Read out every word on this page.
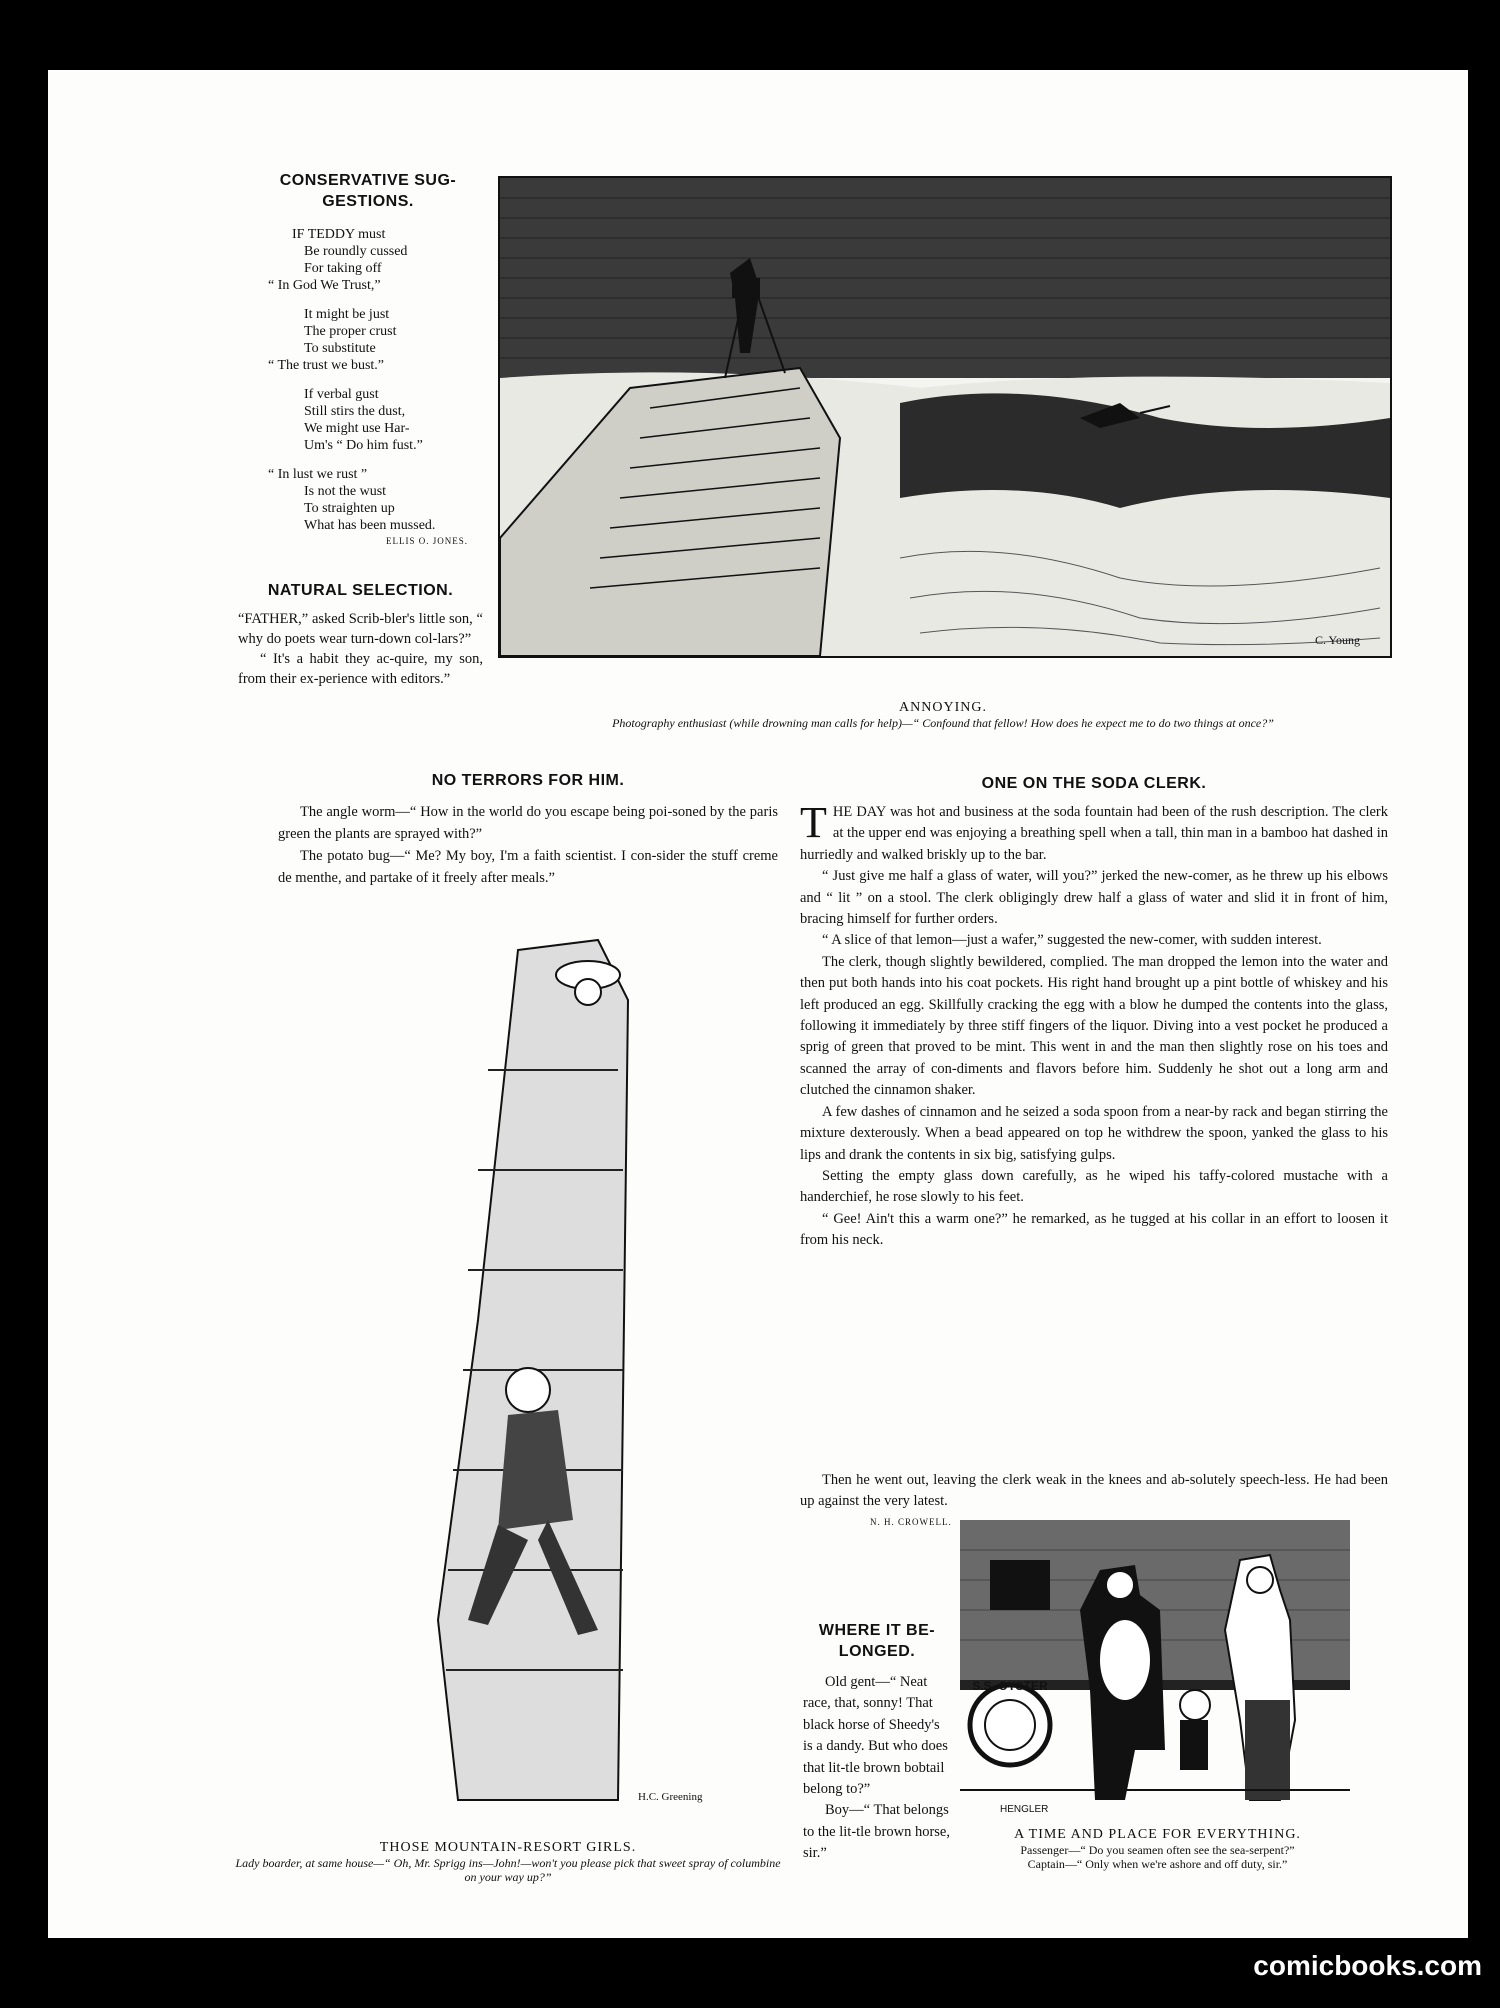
CONSERVATIVE SUG-GESTIONS.

IF TEDDY must
Be roundly cussed
For taking off
“ In God We Trust,”

It might be just
The proper crust
To substitute
“ The trust we bust.”

If verbal gust
Still stirs the dust,
We might use Har-
Um's “ Do him fust.”

“ In lust we rust ”
Is not the wust
To straighten up
What has been mussed.

ELLIS O. JONES.
NATURAL SELECTION.

“FATHER,” asked Scrib-bler's little son, “ why do poets wear turn-down col-lars?”

“ It's a habit they ac-quire, my son, from their ex-perience with editors.”

C. Young
ANNOYING.
Photography enthusiast (while drowning man calls for help)—“ Confound that fellow! How does he expect me to do two things at once?”
NO TERRORS FOR HIM.

The angle worm—“ How in the world do you escape being poi-soned by the paris green the plants are sprayed with?”

The potato bug—“ Me? My boy, I'm a faith scientist. I con-sider the stuff creme de menthe, and partake of it freely after meals.”

H.C. Greening
THOSE MOUNTAIN-RESORT GIRLS.
Lady boarder, at same house—“ Oh, Mr. Sprigg ins—John!—won't you please pick that sweet spray of columbine on your way up?”
ONE ON THE SODA CLERK.

THE DAY was hot and business at the soda fountain had been of the rush description. The clerk at the upper end was enjoying a breathing spell when a tall, thin man in a bamboo hat dashed in hurriedly and walked briskly up to the bar.

“ Just give me half a glass of water, will you?” jerked the new-comer, as he threw up his elbows and “ lit ” on a stool. The clerk obligingly drew half a glass of water and slid it in front of him, bracing himself for further orders.

“ A slice of that lemon—just a wafer,” suggested the new-comer, with sudden interest.

The clerk, though slightly bewildered, complied. The man dropped the lemon into the water and then put both hands into his coat pockets. His right hand brought up a pint bottle of whiskey and his left produced an egg. Skillfully cracking the egg with a blow he dumped the contents into the glass, following it immediately by three stiff fingers of the liquor. Diving into a vest pocket he produced a sprig of green that proved to be mint. This went in and the man then slightly rose on his toes and scanned the array of con-diments and flavors before him. Suddenly he shot out a long arm and clutched the cinnamon shaker.

A few dashes of cinnamon and he seized a soda spoon from a near-by rack and began stirring the mixture dexterously. When a bead appeared on top he withdrew the spoon, yanked the glass to his lips and drank the contents in six big, satisfying gulps.

Setting the empty glass down carefully, as he wiped his taffy-colored mustache with a handerchief, he rose slowly to his feet.

“ Gee! Ain't this a warm one?” he remarked, as he tugged at his collar in an effort to loosen it from his neck.

Then he went out, leaving the clerk weak in the knees and ab-solutely speech-less. He had been up against the very latest.

N. H. CROWELL.
WHERE IT BE-LONGED.

Old gent—“ Neat race, that, sonny! That black horse of Sheedy's is a dandy. But who does that lit-tle brown bobtail belong to?”

Boy—“ That belongs to the lit-tle brown horse, sir.”

S.S. OYSTER
HENGLER
A TIME AND PLACE FOR EVERYTHING.
Passenger—“ Do you seamen often see the sea-serpent?”
Captain—“ Only when we're ashore and off duty, sir.”
comicbooks.com
